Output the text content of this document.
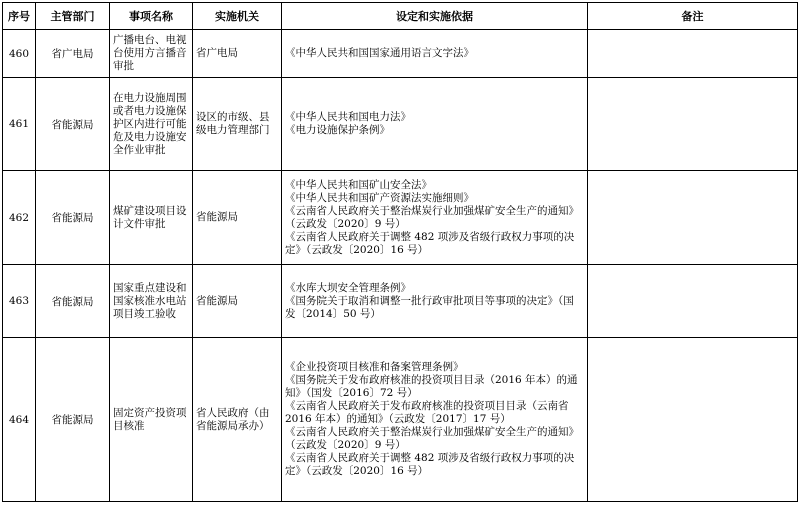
序号	主管部门	事项名称	实施机关	设定和实施依据	备注
460	省广电局	广播电台、电视台使用方言播音审批	省广电局	《中华人民共和国国家通用语言文字法》	

461	省能源局	在电力设施周围或者电力设施保护区内进行可能危及电力设施安全作业审批	设区的市级、县级电力管理部门	《中华人民共和国电力法》
《电力设施保护条例》	

462	省能源局	煤矿建设项目设计文件审批	省能源局	《中华人民共和国矿山安全法》
《中华人民共和国矿产资源法实施细则》
《云南省人民政府关于整治煤炭行业加强煤矿安全生产的通知》（云政发〔2020〕9 号）
《云南省人民政府关于调整 482 项涉及省级行政权力事项的决定》（云政发〔2020〕16 号）	

463	省能源局	国家重点建设和国家核准水电站项目竣工验收	省能源局	《水库大坝安全管理条例》
《国务院关于取消和调整一批行政审批项目等事项的决定》（国发〔2014〕50 号）	

464	省能源局	固定资产投资项目核准	省人民政府（由省能源局承办）	《企业投资项目核准和备案管理条例》
《国务院关于发布政府核准的投资项目目录（2016 年本）的通知》（国发〔2016〕72 号）
《云南省人民政府关于发布政府核准的投资项目目录（云南省 2016 年本）的通知》（云政发〔2017〕17 号）
《云南省人民政府关于整治煤炭行业加强煤矿安全生产的通知》（云政发〔2020〕9 号）
《云南省人民政府关于调整 482 项涉及省级行政权力事项的决定》（云政发〔2020〕16 号）	
